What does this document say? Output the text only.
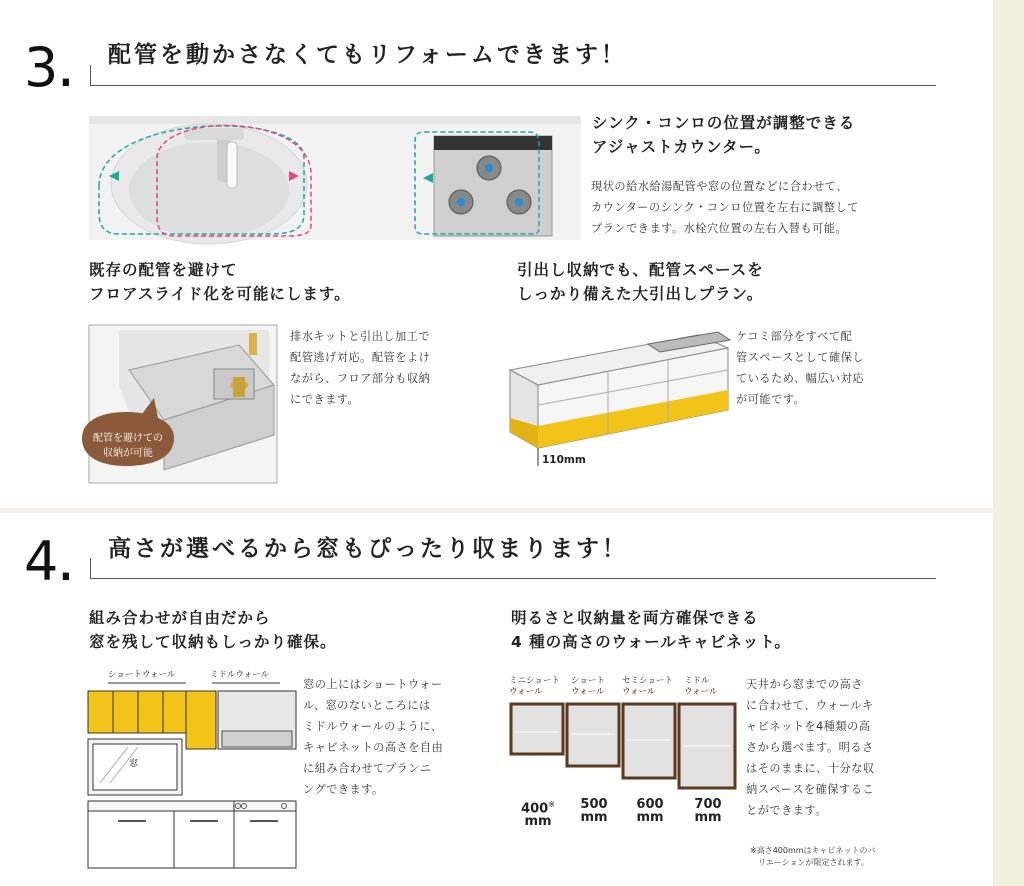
3. 配管を動かさなくてもリフォームできます！
シンク・コンロの位置が調整できる
アジャストカウンター。
現状の給水給湯配管や窓の位置などに合わせて、
カウンターのシンク・コンロ位置を左右に調整して
プランできます。水栓穴位置の左右入替も可能。
既存の配管を避けて
フロアスライド化を可能にします。
配管を避けての
収納が可能
排水キットと引出し加工で
配管逃げ対応。配管をよけ
ながら、フロア部分も収納
にできます。
引出し収納でも、配管スペースを
しっかり備えた大引出しプラン。
110mm
ケコミ部分をすべて配
管スペースとして確保し
ているため、幅広い対応
が可能です。
4. 高さが選べるから窓もぴったり収まります！
組み合わせが自由だから
窓を残して収納もしっかり確保。
ショートウォール	ミドルウォール
窓
窓の上にはショートウォー
ル、窓のないところには
ミドルウォールのように、
キャビネットの高さを自由
に組み合わせてプランニ
ングできます。
明るさと収納量を両方確保できる
4 種の高さのウォールキャビネット。
ミニショート
ウォール
ショート
ウォール
セミショート
ウォール
ミドル
ウォール
400※
mm
500
mm
600
mm
700
mm
天井から窓までの高さ
に合わせて、ウォールキ
ャビネットを4種類の高
さから選べます。明るさ
はそのままに、十分な収
納スペースを確保するこ
とができます。
※高さ400mmはキャビネットのバ
リエーションが限定されます。
